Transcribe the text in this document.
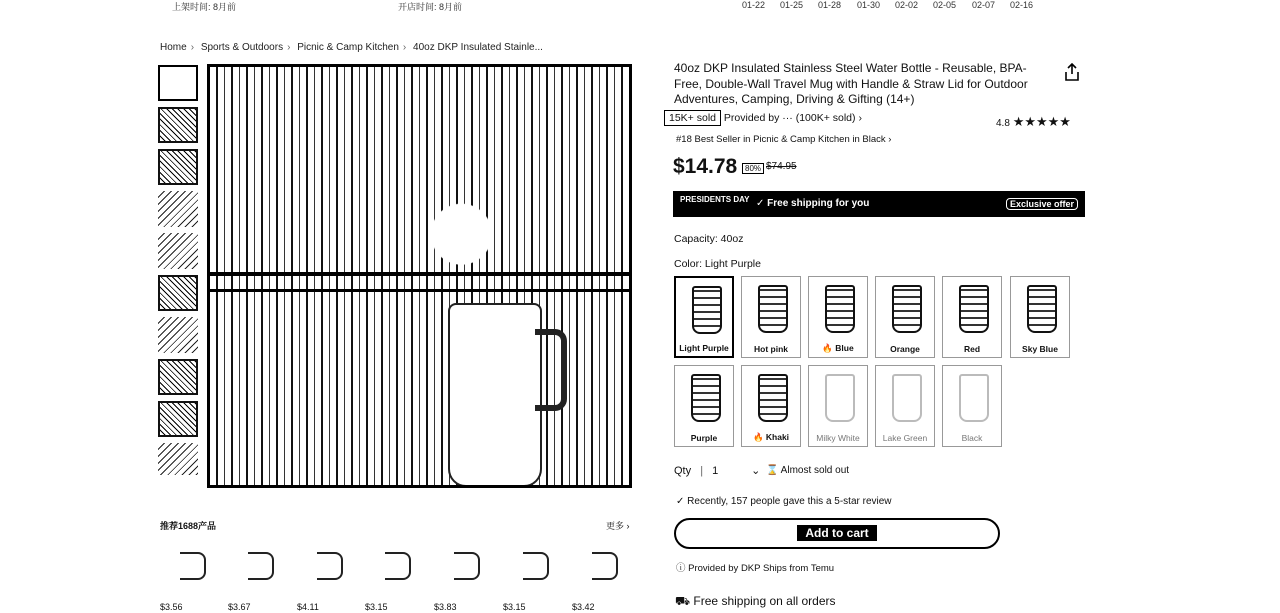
上架时间: 8月前	开店时间: 8月前	01-22 01-25 01-28 01-30 02-02 02-05 02-07 02-16
Home › Sports & Outdoors › Picnic & Camp Kitchen › 40oz DKP Insulated Stainle...
推荐1688产品	更多 ›
$3.56	$3.67	$4.11	$3.15	$3.83	$3.15	$3.42
40oz DKP Insulated Stainless Steel Water Bottle - Reusable, BPA-Free, Double-Wall Travel Mug with Handle & Straw Lid for Outdoor Adventures, Camping, Driving & Gifting (14+)
15K+ sold Provided by ··· (100K+ sold) ›	4.8 ★★★★★
#18 Best Seller in Picnic & Camp Kitchen in Black ›
$14.78 80% $74.95
PRESIDENTS DAY ✓ Free shipping for you	Exclusive offer
Capacity: 40oz
Color: Light Purple
Light Purple	Hot pink	🔥 Blue	Orange	Red	Sky Blue
Purple	🔥 Khaki	Milky White	Lake Green	Black
Qty | 1	⌄ ⌛ Almost sold out
✓ Recently, 157 people gave this a 5-star review
Add to cart
ⓘ Provided by DKP Ships from Temu
⛟ Free shipping on all orders
